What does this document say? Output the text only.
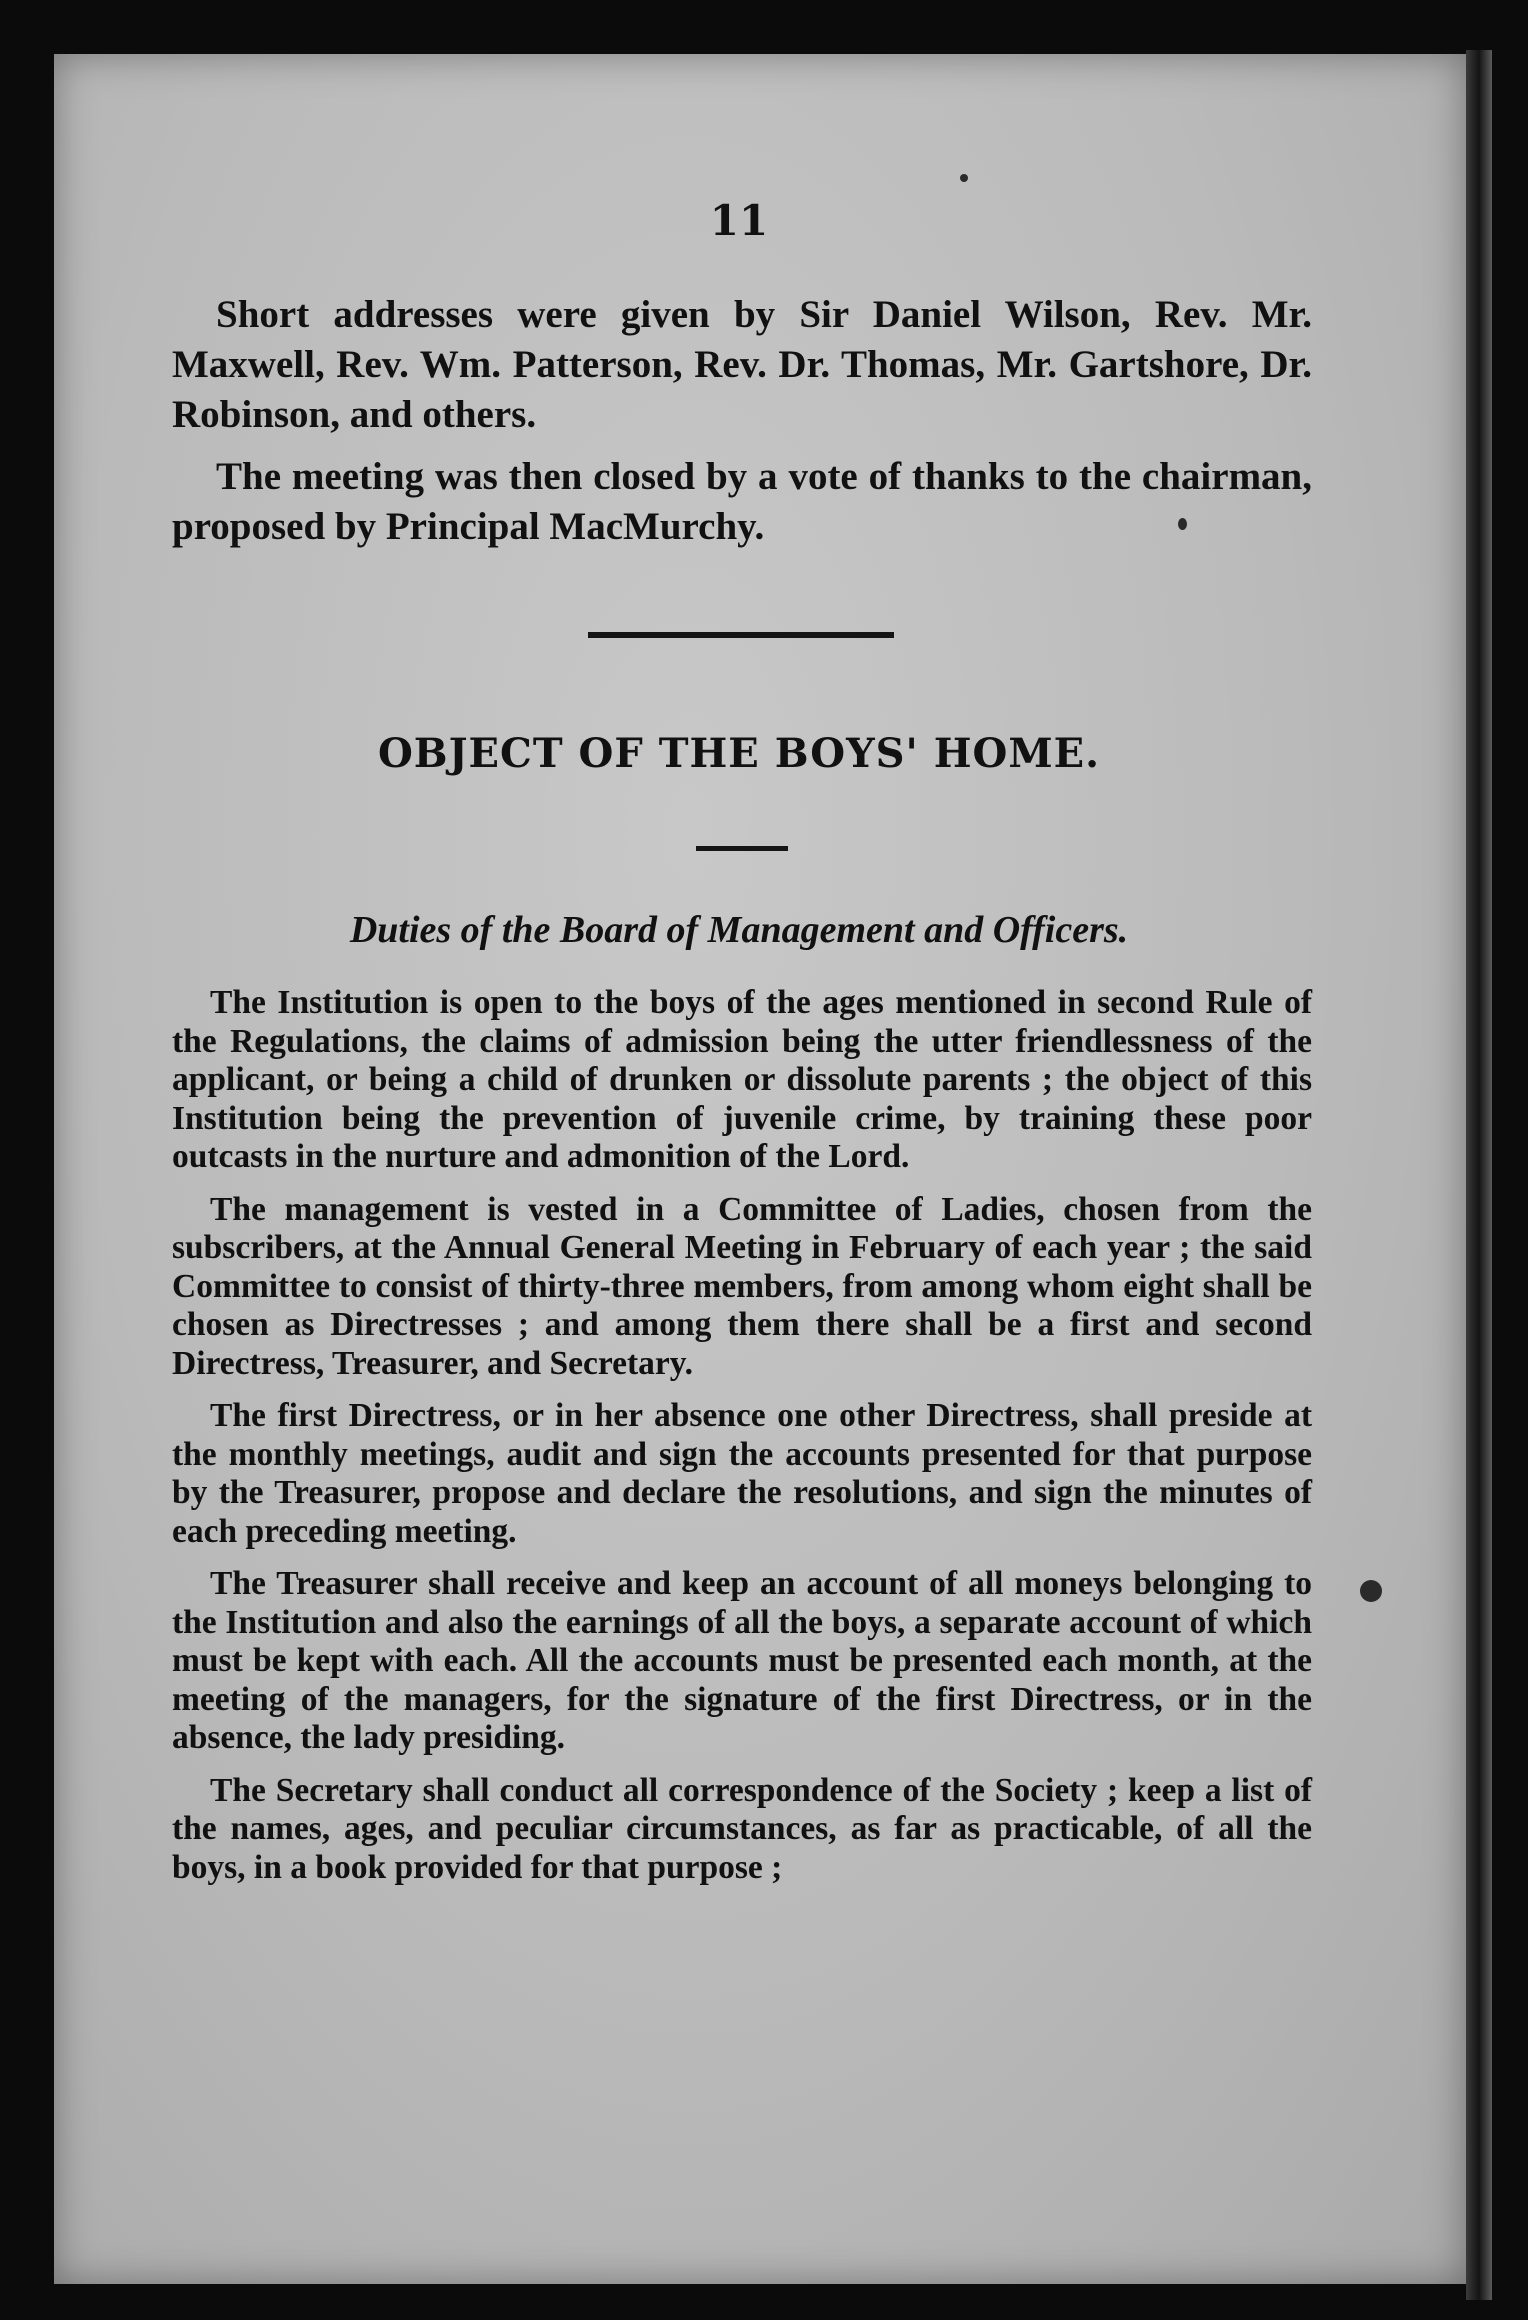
11

Short addresses were given by Sir Daniel Wilson, Rev. Mr. Maxwell, Rev. Wm. Patterson, Rev. Dr. Thomas, Mr. Gartshore, Dr. Robinson, and others.

The meeting was then closed by a vote of thanks to the chairman, proposed by Principal MacMurchy.

OBJECT OF THE BOYS' HOME.
Duties of the Board of Management and Officers.

The Institution is open to the boys of the ages mentioned in second Rule of the Regulations, the claims of admission being the utter friendlessness of the applicant, or being a child of drunken or dissolute parents ; the object of this Institution being the prevention of juvenile crime, by training these poor outcasts in the nurture and admonition of the Lord.

The management is vested in a Committee of Ladies, chosen from the subscribers, at the Annual General Meeting in February of each year ; the said Committee to consist of thirty-three members, from among whom eight shall be chosen as Directresses ; and among them there shall be a first and second Directress, Treasurer, and Secretary.

The first Directress, or in her absence one other Directress, shall preside at the monthly meetings, audit and sign the accounts presented for that purpose by the Treasurer, propose and declare the resolutions, and sign the minutes of each preceding meeting.

The Treasurer shall receive and keep an account of all moneys belonging to the Institution and also the earnings of all the boys, a separate account of which must be kept with each. All the accounts must be presented each month, at the meeting of the managers, for the signature of the first Directress, or in the absence, the lady presiding.

The Secretary shall conduct all correspondence of the Society ; keep a list of the names, ages, and peculiar circumstances, as far as practicable, of all the boys, in a book provided for that purpose ;
